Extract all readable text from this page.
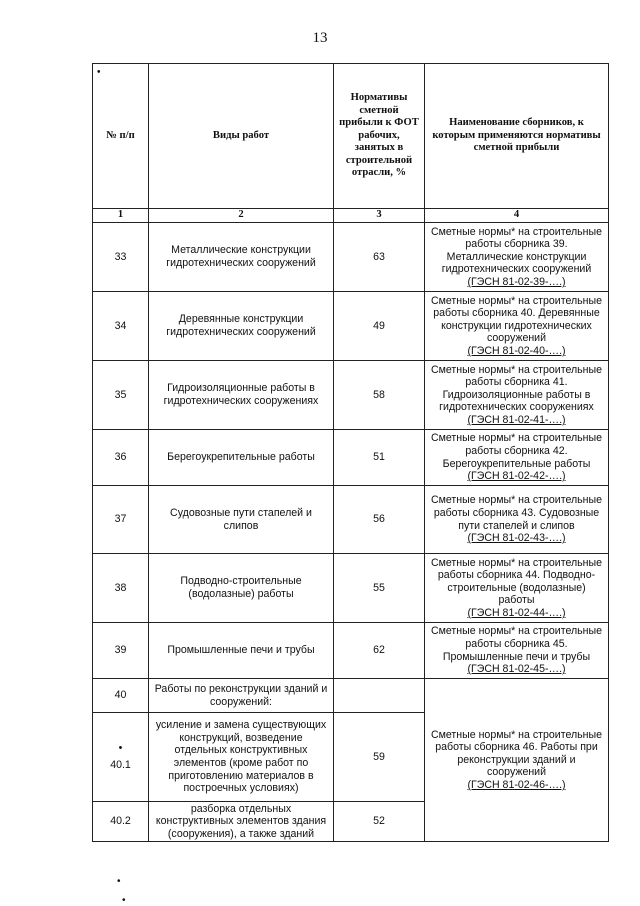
13
•
№ п/п	Виды работ	Нормативы сметной прибыли к ФОТ рабочих, занятых в строительной отрасли, %	Наименование сборников, к которым применяются нормативы сметной прибыли
1	2	3	4
33	Металлические конструкции гидротехнических сооружений	63	Сметные нормы* на строительные работы сборника 39. Металлические конструкции гидротехнических сооружений
(ГЭСН 81-02-39-….)
34	Деревянные конструкции гидротехнических сооружений	49	Сметные нормы* на строительные работы сборника 40. Деревянные конструкции гидротехнических сооружений
(ГЭСН 81-02-40-….)
35	Гидроизоляционные работы в гидротехнических сооружениях	58	Сметные нормы* на строительные работы сборника 41. Гидроизоляционные работы в гидротехнических сооружениях
(ГЭСН 81-02-41-….)
36	Берегоукрепительные работы	51	Сметные нормы* на строительные работы сборника 42. Берегоукрепительные работы
(ГЭСН 81-02-42-….)
37	Судовозные пути стапелей и слипов	56	Сметные нормы* на строительные работы сборника 43. Судовозные пути стапелей и слипов
(ГЭСН 81-02-43-….)
38	Подводно-строительные (водолазные) работы	55	Сметные нормы* на строительные работы сборника 44. Подводно-строительные (водолазные) работы
(ГЭСН 81-02-44-….)
39	Промышленные печи и трубы	62	Сметные нормы* на строительные работы сборника 45. Промышленные печи и трубы
(ГЭСН 81-02-45-….)
40	Работы по реконструкции зданий и сооружений:		Сметные нормы* на строительные работы сборника 46. Работы при реконструкции зданий и сооружений
(ГЭСН 81-02-46-….)

•
40.1	усиление и замена существующих конструкций, возведение отдельных конструктивных элементов (кроме работ по приготовлению материалов в построечных условиях)	59	
40.2	разборка отдельных конструктивных элементов здания (сооружения), а также зданий	52	
•
•
